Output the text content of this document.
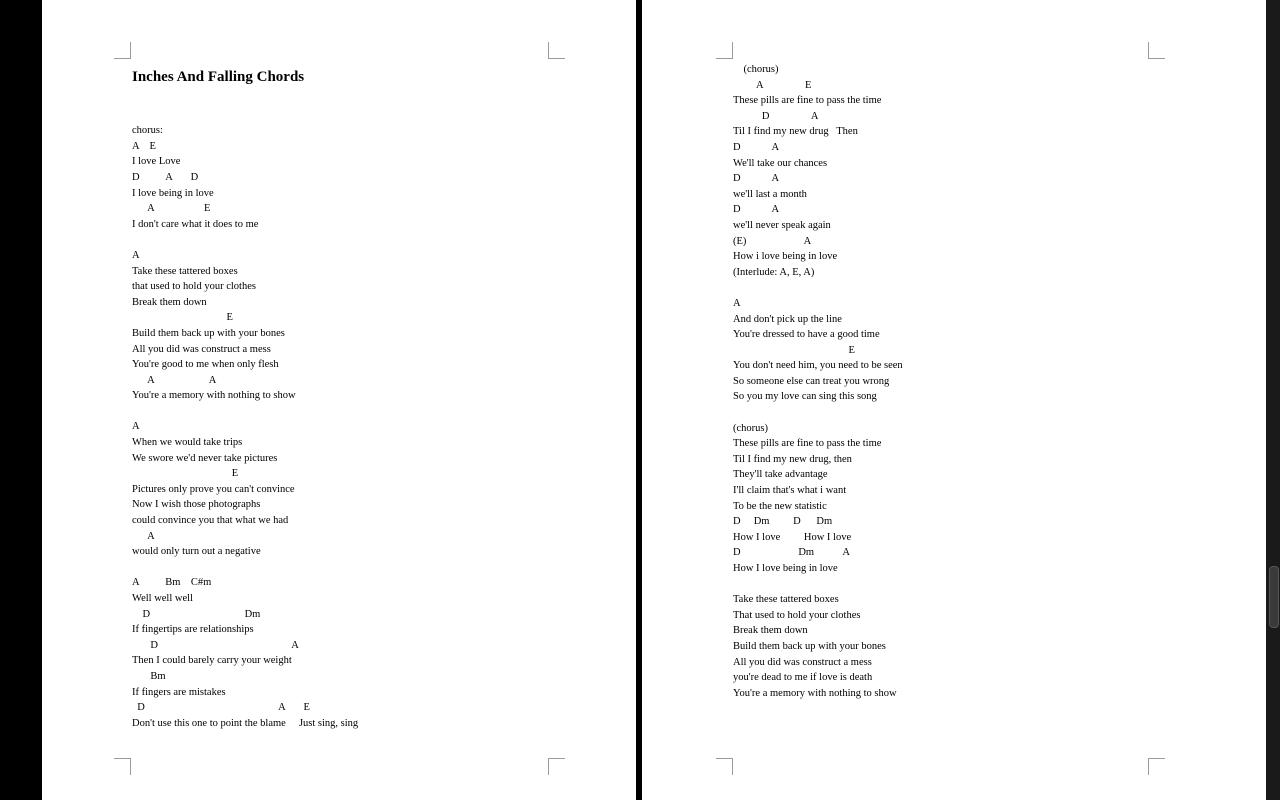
Inches And Falling Chords
chorus:
A    E
I love Love
D          A       D
I love being in love
A                   E
I don't care what it does to me
A
Take these tattered boxes
that used to hold your clothes
Break them down
E
Build them back up with your bones
All you did was construct a mess
You're good to me when only flesh
A                     A
You're a memory with nothing to show
A
When we would take trips
We swore we'd never take pictures
E
Pictures only prove you can't convince
Now I wish those photographs
could convince you that what we had
A
would only turn out a negative
A          Bm    C#m
Well well well
D                                    Dm
If fingertips are relationships
D                                                   A
Then I could barely carry your weight
Bm
If fingers are mistakes
D                                                   A       E
Don't use this one to point the blame     Just sing, sing
(chorus)
A                E
These pills are fine to pass the time
D                A
Til I find my new drug   Then
D            A
We'll take our chances
D            A
we'll last a month
D            A
we'll never speak again
(E)                      A
How i love being in love
(Interlude: A, E, A)
A
And don't pick up the line
You're dressed to have a good time
E
You don't need him, you need to be seen
So someone else can treat you wrong
So you my love can sing this song
(chorus)
These pills are fine to pass the time
Til I find my new drug, then
They'll take advantage
I'll claim that's what i want
To be the new statistic
D     Dm         D      Dm
How I love         How I love
D                      Dm           A
How I love being in love
Take these tattered boxes
That used to hold your clothes
Break them down
Build them back up with your bones
All you did was construct a mess
you're dead to me if love is death
You're a memory with nothing to show
